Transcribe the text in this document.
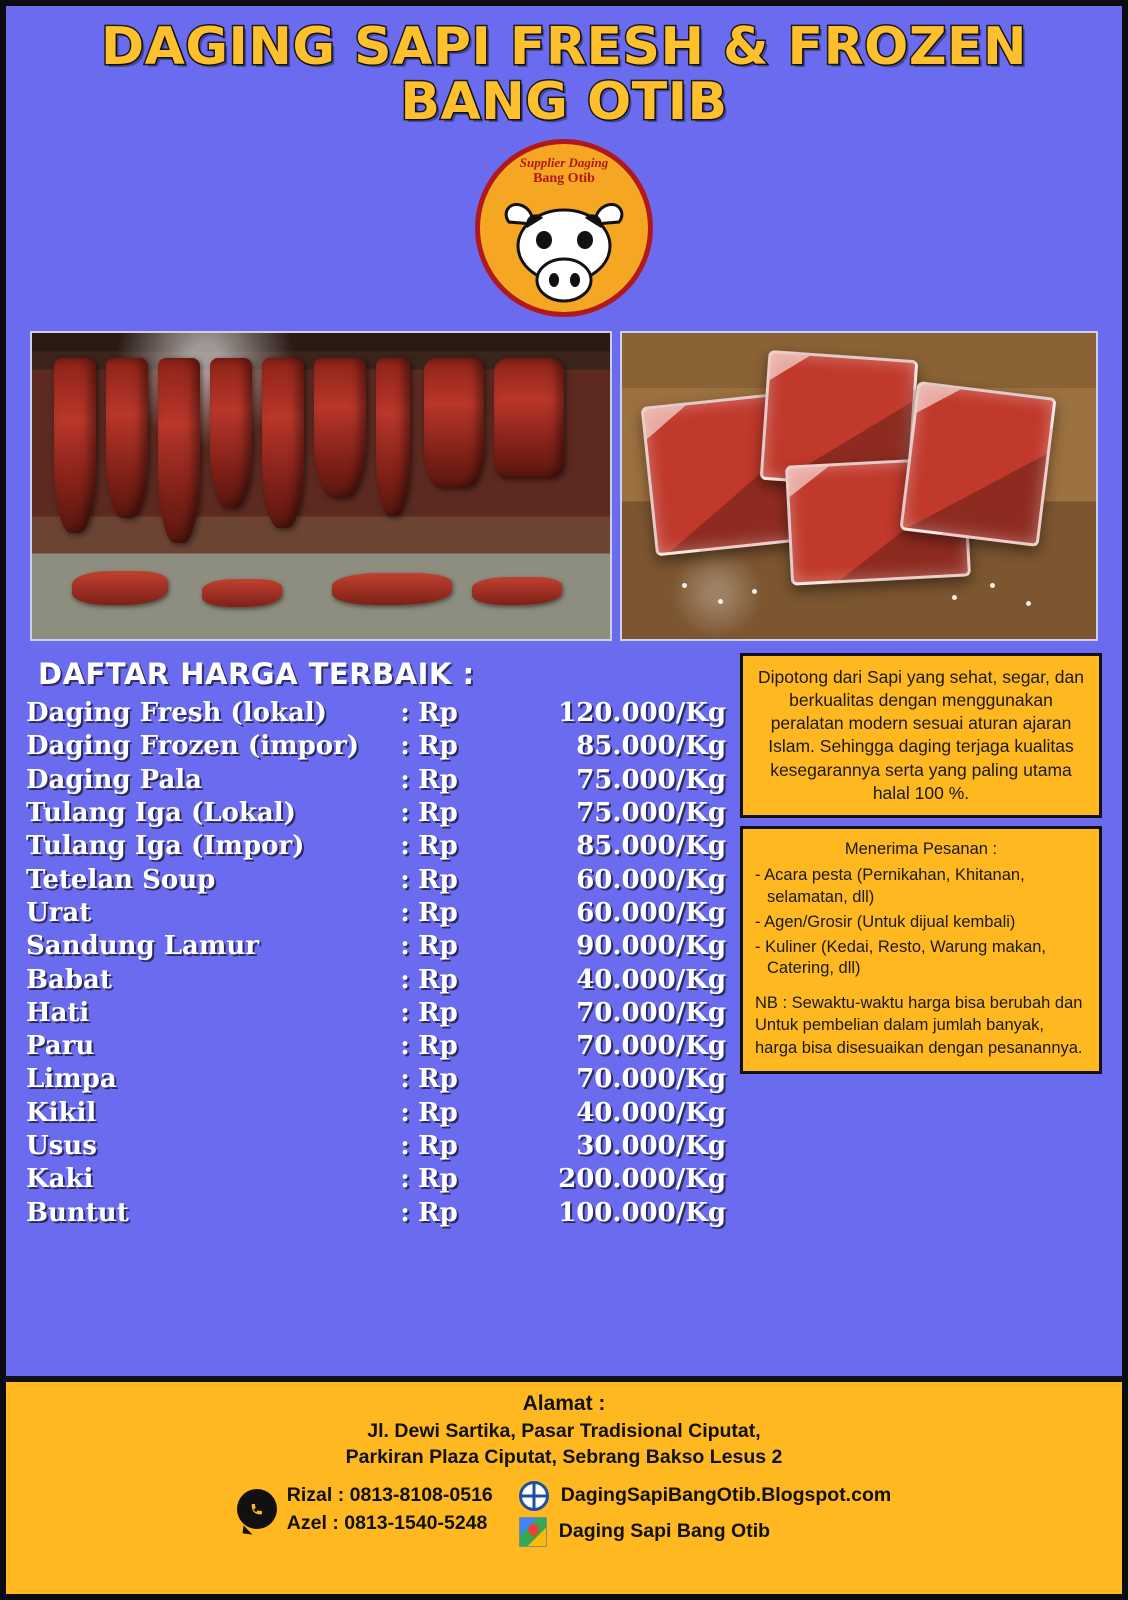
DAGING SAPI FRESH & FROZEN
BANG OTIB
Supplier Daging
Bang Otib
DAFTAR HARGA TERBAIK :
Daging Fresh (lokal)	:	Rp	120.000/Kg
Daging Frozen (impor)	:	Rp	85.000/Kg
Daging Pala	:	Rp	75.000/Kg
Tulang Iga (Lokal)	:	Rp	75.000/Kg
Tulang Iga (Impor)	:	Rp	85.000/Kg
Tetelan Soup	:	Rp	60.000/Kg
Urat	:	Rp	60.000/Kg
Sandung Lamur	:	Rp	90.000/Kg
Babat	:	Rp	40.000/Kg
Hati	:	Rp	70.000/Kg
Paru	:	Rp	70.000/Kg
Limpa	:	Rp	70.000/Kg
Kikil	:	Rp	40.000/Kg
Usus	:	Rp	30.000/Kg
Kaki	:	Rp	200.000/Kg
Buntut	:	Rp	100.000/Kg
Dipotong dari Sapi yang sehat, segar, dan berkualitas dengan menggunakan peralatan modern sesuai aturan ajaran Islam. Sehingga daging terjaga kualitas kesegarannya serta yang paling utama halal 100 %.
Menerima Pesanan :
- Acara pesta (Pernikahan, Khitanan, selamatan, dll)
- Agen/Grosir (Untuk dijual kembali)
- Kuliner (Kedai, Resto, Warung makan, Catering, dll)
NB : Sewaktu-waktu harga bisa berubah dan Untuk pembelian dalam jumlah banyak, harga bisa disesuaikan dengan pesanannya.
Alamat :
Jl. Dewi Sartika, Pasar Tradisional Ciputat,
Parkiran Plaza Ciputat, Sebrang Bakso Lesus 2
Rizal : 0813-8108-0516
Azel : 0813-1540-5248
DagingSapiBangOtib.Blogspot.com
Daging Sapi Bang Otib
